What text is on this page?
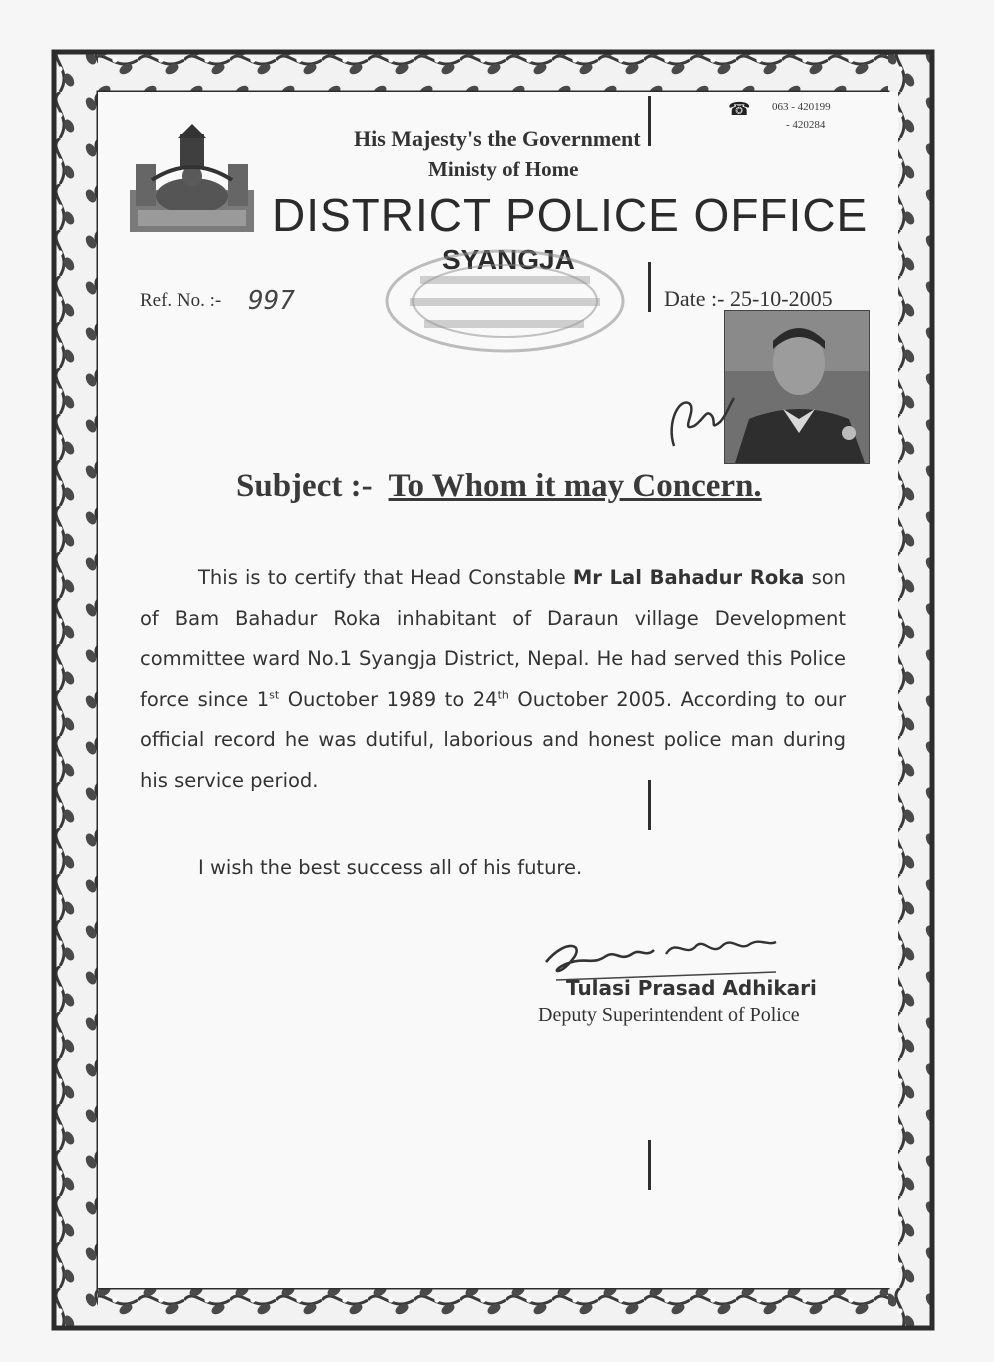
☎ 063 - 420199
- 420284
His Majesty's the Government
Ministy of Home
DISTRICT POLICE OFFICE
SYANGJA
Ref. No. :- 997	Date :- 25-10-2005
Subject :- To Whom it may Concern.

This is to certify that Head Constable Mr Lal Bahadur Roka son of Bam Bahadur Roka inhabitant of Daraun village Development committee ward No.1 Syangja District, Nepal. He had served this Police force since 1st Ouctober 1989 to 24th Ouctober 2005. According to our official record he was dutiful, laborious and honest police man during his service period.

I wish the best success all of his future.
Tulasi Prasad Adhikari
Deputy Superintendent of Police
